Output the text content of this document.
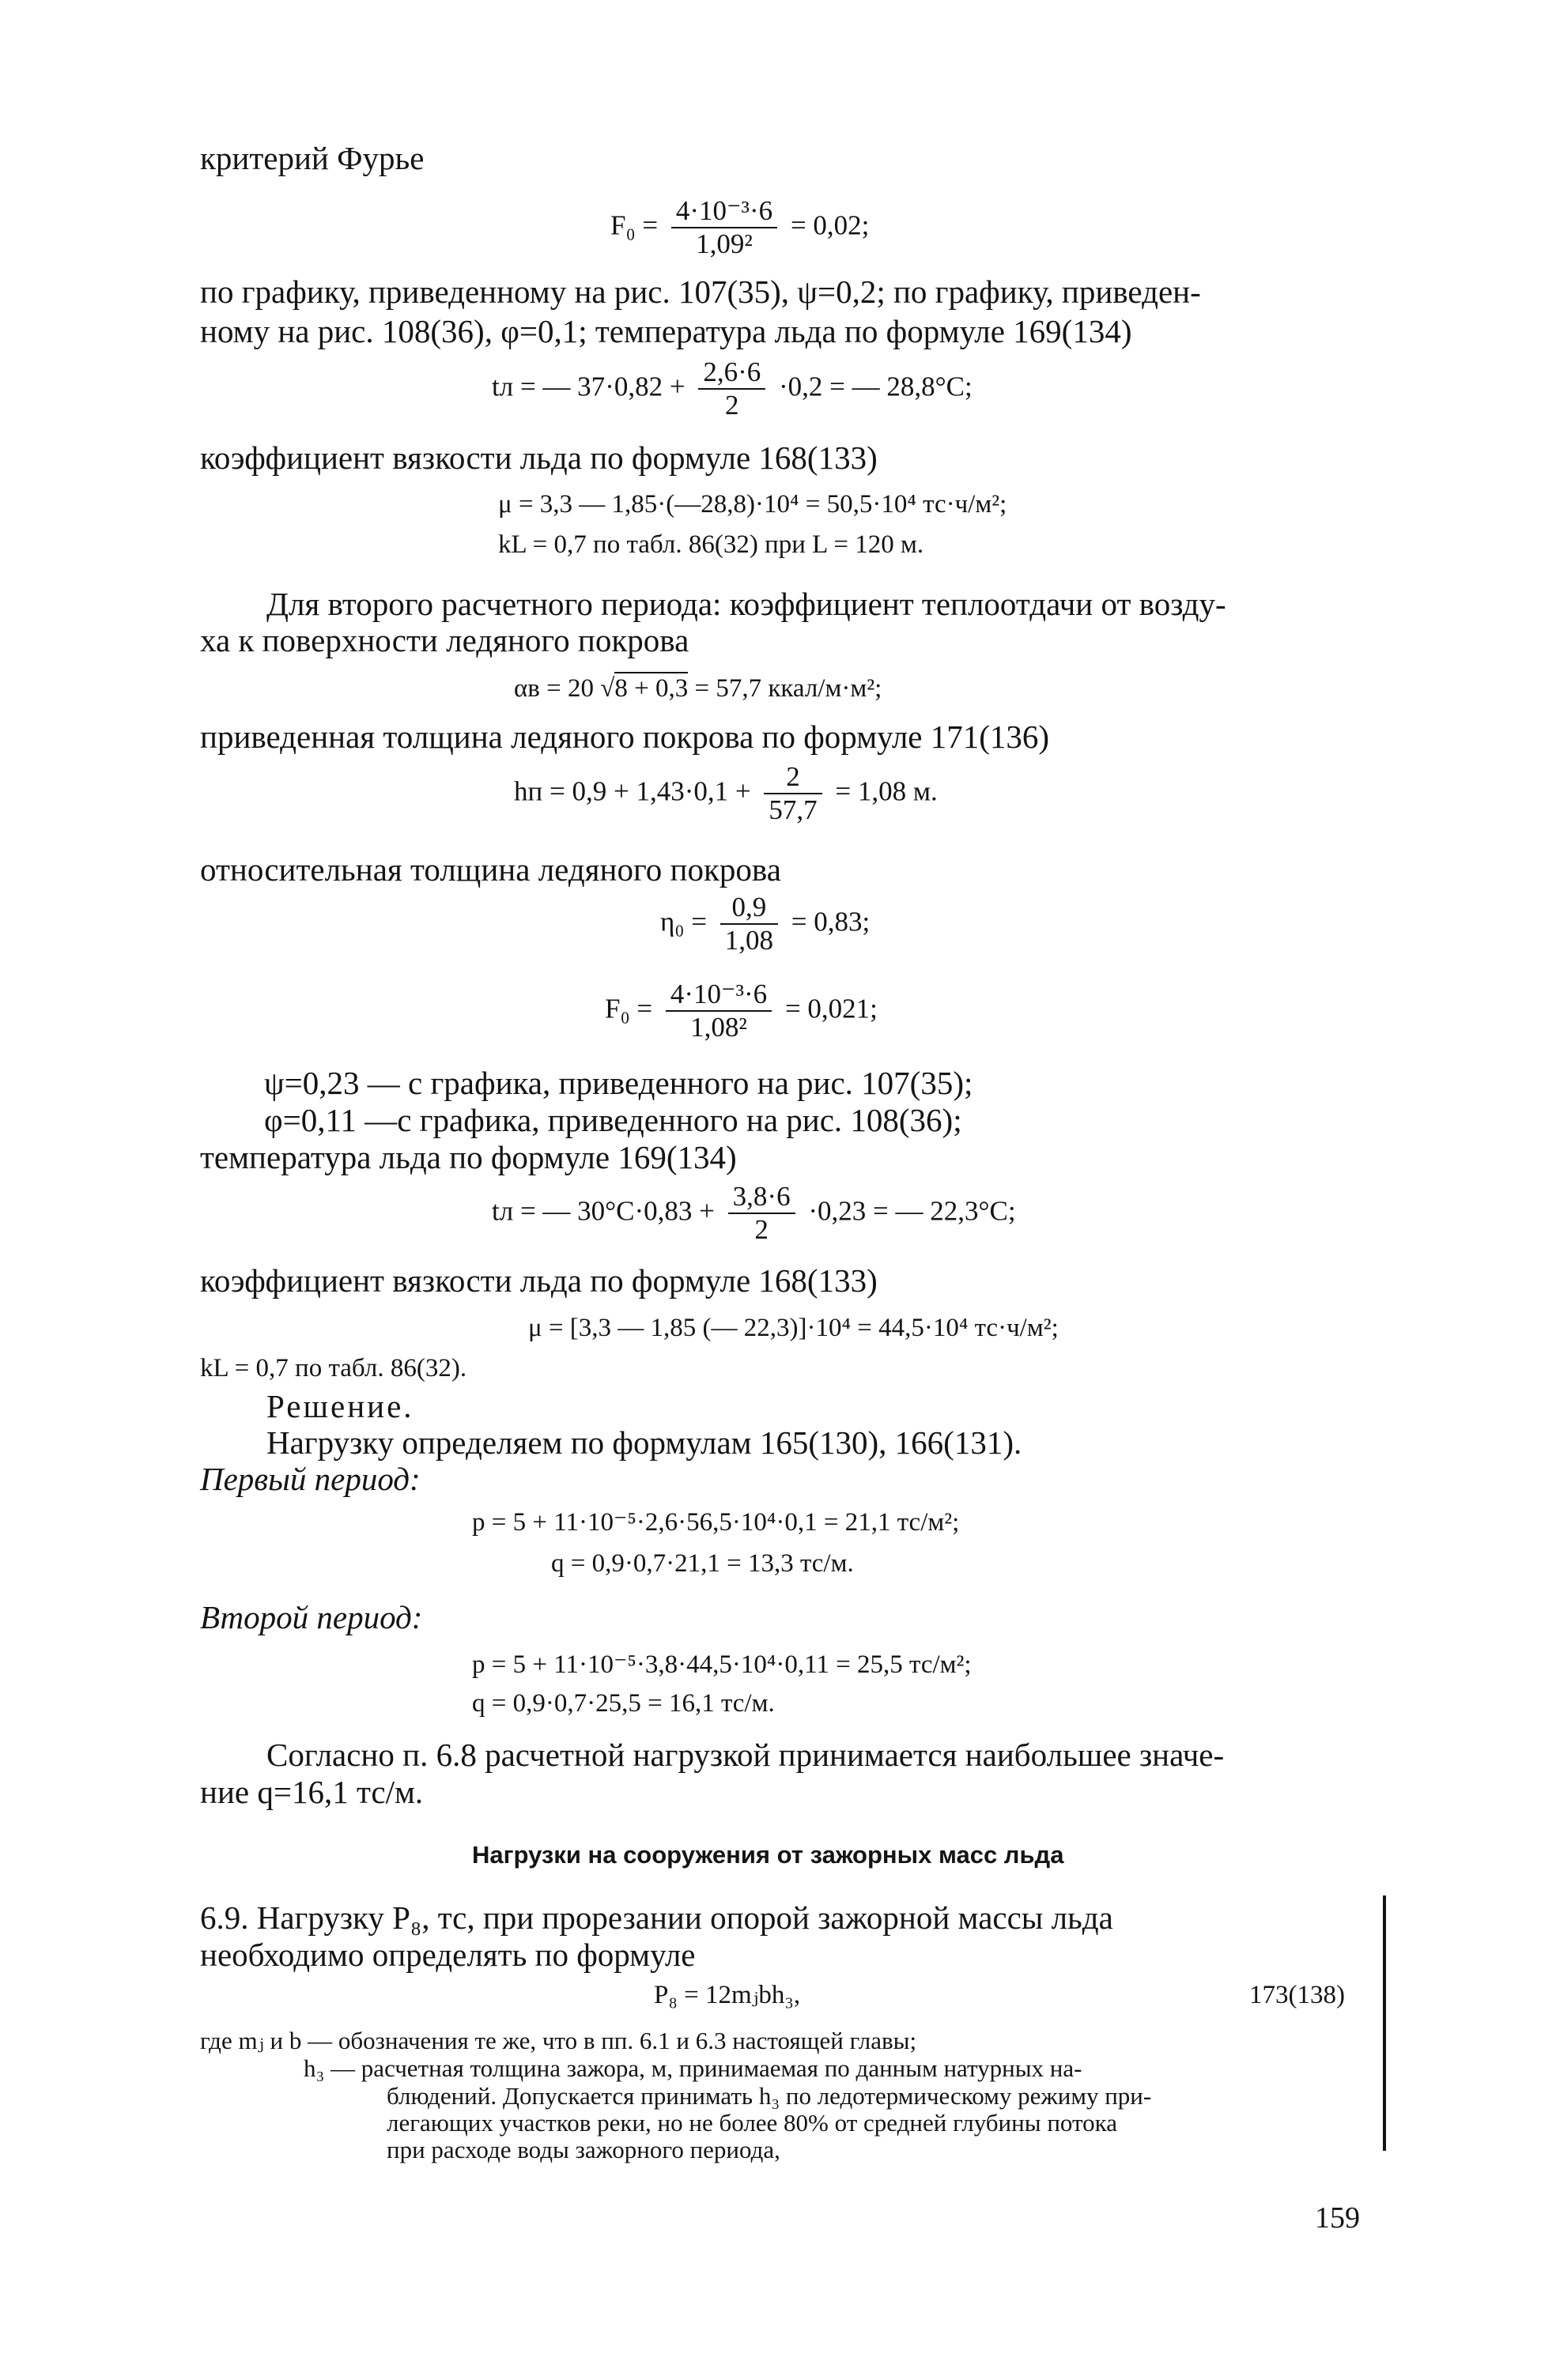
критерий Фурье
$F_0 = \frac{\text{4·10⁻³·6}}{\text{1,09²}} = 0,02$;
по графику, приведенному на рис. 107(35), ψ=0,2; по графику, приведен-
ному на рис. 108(36), φ=0,1; температура льда по формуле 169(134)
tл = — $37\cdot 0,82 + \frac{2,6\cdot 6}{2} \cdot 0,2$ = — 28,8°С;
коэффициент вязкости льда по формуле 168(133)
μ = 3,3 — 1,85·(—28,8)·10⁴ = 50,5·10⁴ тс·ч/м²;
kL = 0,7 по табл. 86(32) при L = 120 м.
Для второго расчетного периода: коэффициент теплоотдачи от возду-
ха к поверхности ледяного покрова
αв = 20 √8 + 0,3 = 57,7 ккал/м·м²;
приведенная толщина ледяного покрова по формуле 171(136)
hп = $0,9 + 1,43\cdot 0,1 + \frac{2}{57,7} = 1,08$ м.
относительная толщина ледяного покрова
$\eta_0 = \frac{0,9}{1,08} = 0,83$;
$F_0 = \frac{\text{4·10⁻³·6}}{\text{1,08²}} = 0,021$;
ψ=0,23 — с графика, приведенного на рис. 107(35);
φ=0,11 —с графика, приведенного на рис. 108(36);
температура льда по формуле 169(134)
tл = — $30^\circ С\cdot 0,83 + \frac{3,8\cdot 6}{2} \cdot 0,23$ = — 22,3°С;
коэффициент вязкости льда по формуле 168(133)
μ = [3,3 — 1,85 (— 22,3)]·10⁴ = 44,5·10⁴ тс·ч/м²;
kL = 0,7 по табл. 86(32).
Решение.
Нагрузку определяем по формулам 165(130), 166(131).
Первый период:
p = 5 + 11·10⁻⁵·2,6·56,5·10⁴·0,1 = 21,1 тс/м²;
q = 0,9·0,7·21,1 = 13,3 тс/м.
Второй период:
p = 5 + 11·10⁻⁵·3,8·44,5·10⁴·0,11 = 25,5 тс/м²;
q = 0,9·0,7·25,5 = 16,1 тс/м.
Согласно п. 6.8 расчетной нагрузкой принимается наибольшее значе-
ние q=16,1 тс/м.
Нагрузки на сооружения от зажорных масс льда
6.9. Нагрузку P₈, тс, при прорезании опорой зажорной массы льда
необходимо определять по формуле
P₈ = 12mⱼbh₃,	173(138)
где mⱼ и b — обозначения те же, что в пп. 6.1 и 6.3 настоящей главы;
h₃ — расчетная толщина зажора, м, принимаемая по данным натурных на-
блюдений. Допускается принимать h₃ по ледотермическому режиму при-
легающих участков реки, но не более 80% от средней глубины потока
при расходе воды зажорного периода,
159
